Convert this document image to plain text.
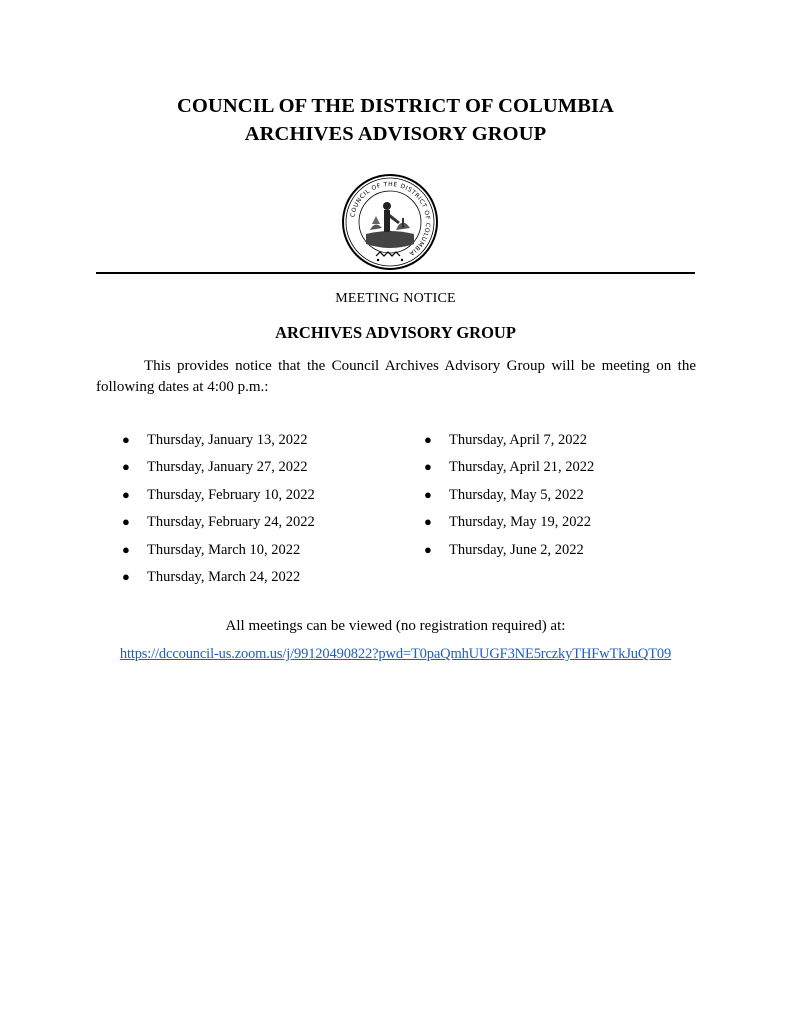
COUNCIL OF THE DISTRICT OF COLUMBIA
ARCHIVES ADVISORY GROUP
COUNCIL OF THE DISTRICT OF COLUMBIA
MEETING NOTICE
ARCHIVES ADVISORY GROUP
This provides notice that the Council Archives Advisory Group will be meeting on the following dates at 4:00 p.m.:
●	Thursday, January 13, 2022
●	Thursday, January 27, 2022
●	Thursday, February 10, 2022
●	Thursday, February 24, 2022
●	Thursday, March 10, 2022
●	Thursday, March 24, 2022
●	Thursday, April 7, 2022
●	Thursday, April 21, 2022
●	Thursday, May 5, 2022
●	Thursday, May 19, 2022
●	Thursday, June 2, 2022
All meetings can be viewed (no registration required) at:
https://dccouncil-us.zoom.us/j/99120490822?pwd=T0paQmhUUGF3NE5rczkyTHFwTkJuQT09
